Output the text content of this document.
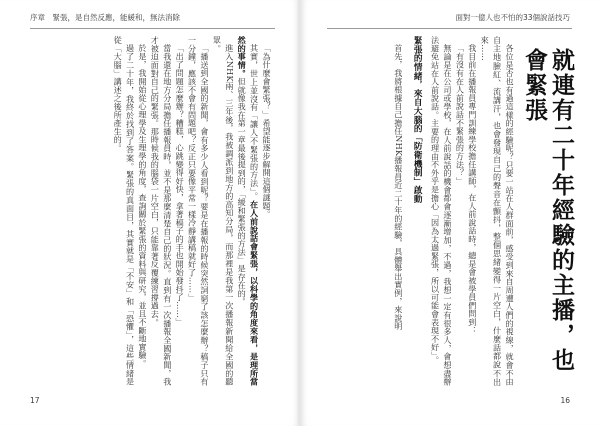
序章　緊張，是自然反應，能緩和，無法消除

「為什麼會緊張？」希望能逐步解開這個謎題。

其實，世上並沒有「讓人不緊張的方法」。在人前說話會緊張，以科學的角度來看，是理所當然的事情。但就像我在第一章最後提到的，「緩和緊張的方法」是存在的。

進入NHK兩、三年後，我被調派到地方的高知分局，而那裡是我第一次播報新聞給全國的聽眾。

「播送到全國的新聞，會有多少人看到呢？要是在播報的時候突然詞窮了該怎麼辦？稿子只有一分鐘，應該不會有問題吧？反正只要像平常一樣冷靜講稿就好了……」

「出了問題怎麼辦？糟糕，心跳變得好快，拿著稿子的手也開始發抖了……」

當我還在地方分局擔任播報員時，並不是那麼清楚自己的狀況。直到有一次播報全國新聞，我才被迫面對自己的緊張。那時候我的腦袋一片空白，只能靠著反覆練習撐過去。

於是，我開始從心理學及生理學的角度，查詢關於緊張的資料與研究，並且不斷地實驗。

過了二十年，我終於找到了答案。緊張的真面目，其實就是「不安」和「恐懼」，這些情緒是從「大腦」講述之後所產生的。

17
面對一億人也不怕的33個說話技巧
就連有二十年經驗的主播，也會緊張

各位是否也有過這樣的經驗呢？只要一站在人群面前，感受到來自周遭人們的視線，就會不由自主地臉紅、流講汗，也會發現自己的聲音在顫抖，整個思緒變得一片空白，什麼話都說不出來……

我目前在播報員專門訓練學校擔任講師，在人前說話時，總是會被學員們問到：

「有沒有在人前說話不緊張的方法？」

無論是在公司或學校，在人前說話的機會都會逐漸增加，不過，我想一定有很多人，會想盡辦法避免站在人前說話。主要的理由不外乎是擔心「因為太過緊張，所以可能會表現不好」。

緊張的情緒，來自大腦的「防衛機制」啟動

首先，我將根據自己擔任NHK播報員近二十年的經驗，具體舉出實例，來說明

16
